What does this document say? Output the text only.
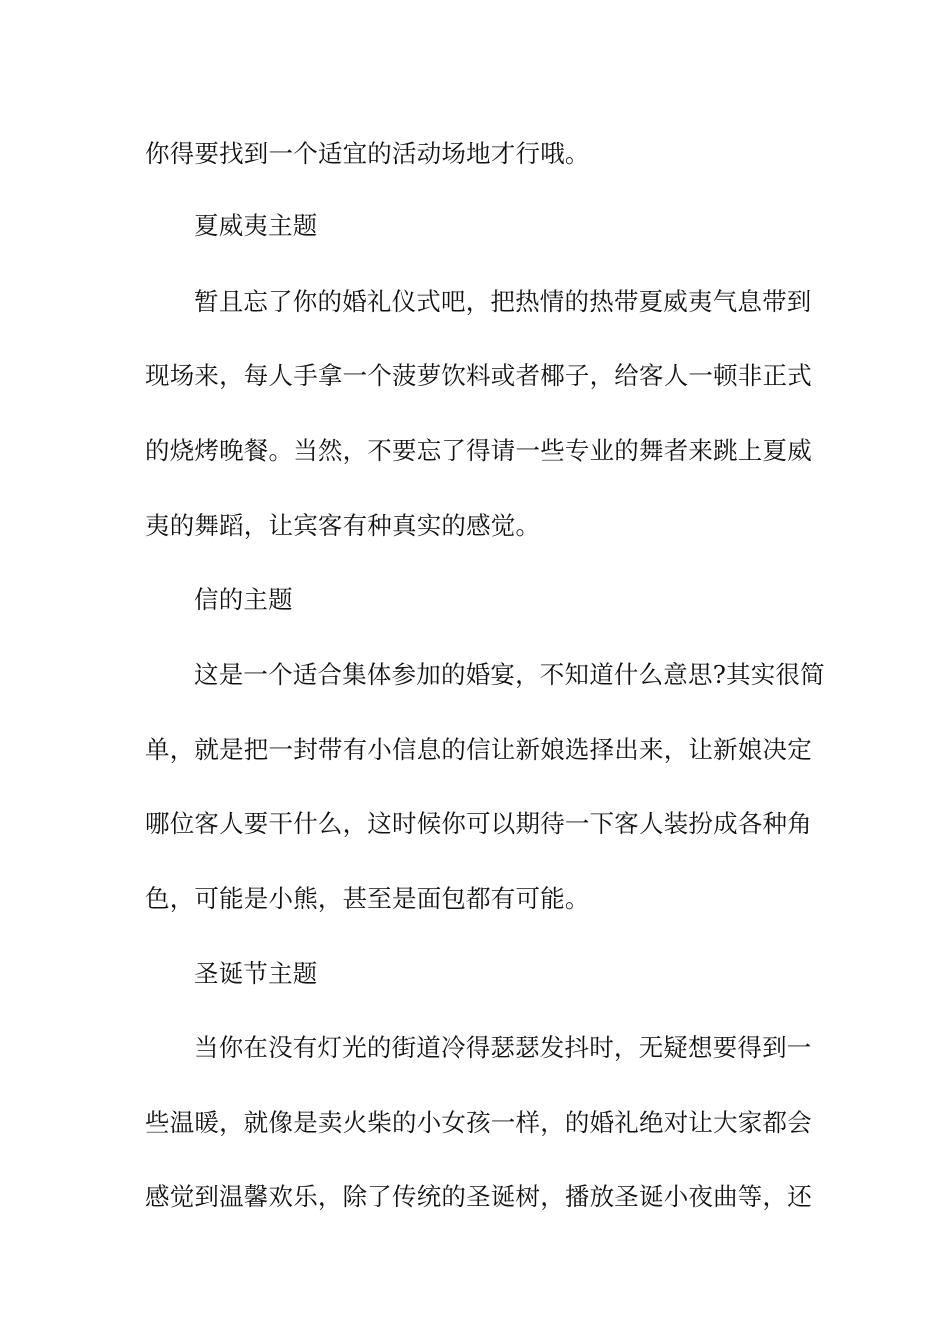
你得要找到一个适宜的活动场地才行哦。
夏威夷主题
暂且忘了你的婚礼仪式吧，把热情的热带夏威夷气息带到
现场来，每人手拿一个菠萝饮料或者椰子，给客人一顿非正式
的烧烤晚餐。当然，不要忘了得请一些专业的舞者来跳上夏威
夷的舞蹈，让宾客有种真实的感觉。
信的主题
这是一个适合集体参加的婚宴，不知道什么意思?其实很简
单，就是把一封带有小信息的信让新娘选择出来，让新娘决定
哪位客人要干什么，这时候你可以期待一下客人装扮成各种角
色，可能是小熊，甚至是面包都有可能。
圣诞节主题
当你在没有灯光的街道冷得瑟瑟发抖时，无疑想要得到一
些温暖，就像是卖火柴的小女孩一样，的婚礼绝对让大家都会
感觉到温馨欢乐，除了传统的圣诞树，播放圣诞小夜曲等，还
